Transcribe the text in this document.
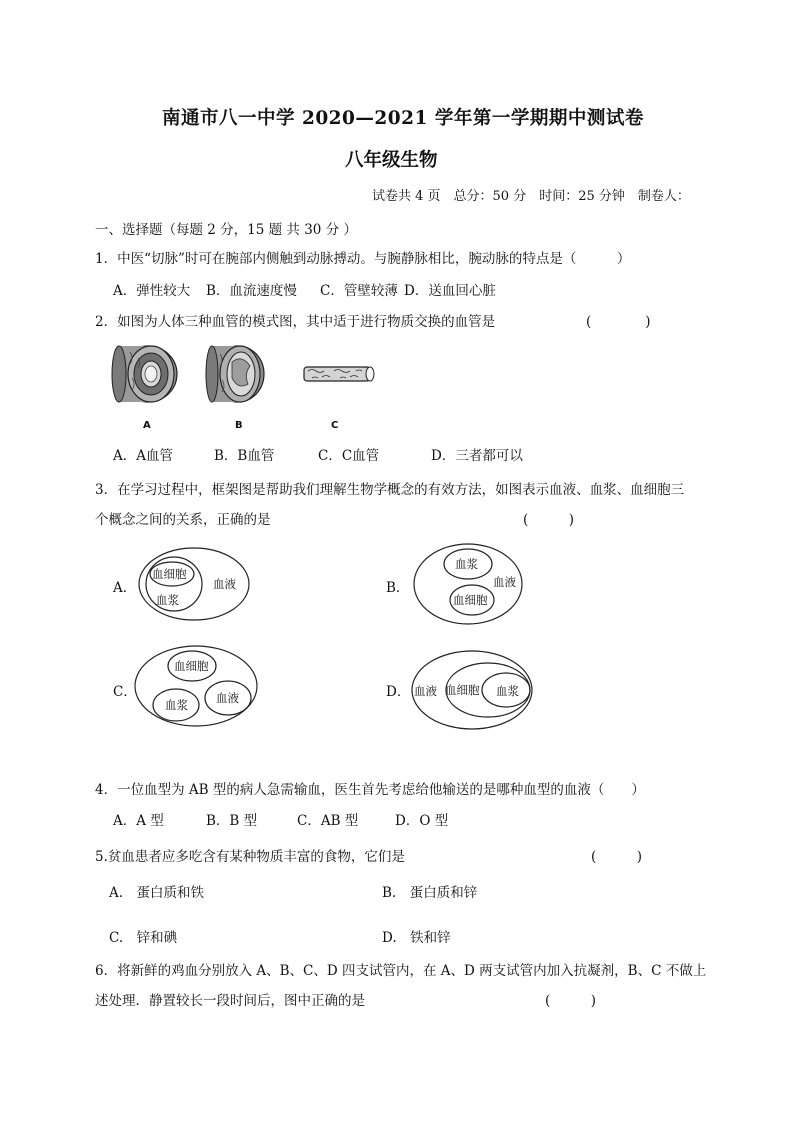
南通市八一中学 2020—2021 学年第一学期期中测试卷
八年级生物
试卷共 4 页　总分：50 分　时间：25 分钟　制卷人：
一、选择题（每题 2 分，15 题 共 30 分 ）
1．中医“切脉”时可在腕部内侧触到动脉搏动。与腕静脉相比，腕动脉的特点是（　　　）
A．弹性较大 B．血流速度慢 C．管壁较薄 D．送血回心脏
2．如图为人体三种血管的模式图，其中适于进行物质交换的血管是	(　　　　)
A	B	C
A．A血管	B．B血管	C．C血管	D．三者都可以
3．在学习过程中，框架图是帮助我们理解生物学概念的有效方法，如图表示血液、血浆、血细胞三
个概念之间的关系，正确的是	(　　　)
A．
血细胞
血浆
血液	B．
血浆
血细胞
血液
C．
血细胞
血浆 血液	D． 血液 血细胞 血浆
4．一位血型为 AB 型的病人急需输血，医生首先考虑给他输送的是哪种血型的血液（　　）
A．A 型	B．B 型	C．AB 型	D．O 型
5.贫血患者应多吃含有某种物质丰富的食物，它们是	(　　　)
A.　蛋白质和铁	B.　蛋白质和锌
C.　锌和碘	D.　铁和锌
6．将新鲜的鸡血分别放入 A、B、C、D 四支试管内，在 A、D 两支试管内加入抗凝剂，B、C 不做上
述处理．静置较长一段时间后，图中正确的是	(　　　)
